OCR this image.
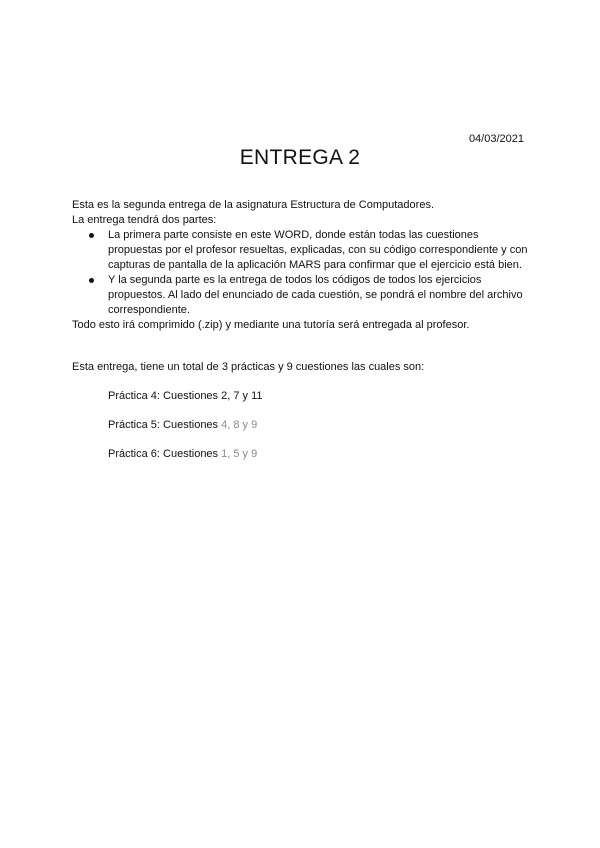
04/03/2021
ENTREGA 2

Esta es la segunda entrega de la asignatura Estructura de Computadores.

La entrega tendrá dos partes:

La primera parte consiste en este WORD, donde están todas las cuestiones propuestas por el profesor resueltas, explicadas, con su código correspondiente y con capturas de pantalla de la aplicación MARS para confirmar que el ejercicio está bien.
Y la segunda parte es la entrega de todos los códigos de todos los ejercicios propuestos. Al lado del enunciado de cada cuestión, se pondrá el nombre del archivo correspondiente.

Todo esto irá comprimido (.zip) y mediante una tutoría será entregada al profesor.

Esta entrega, tiene un total de 3 prácticas y 9 cuestiones las cuales son:
Práctica 4: Cuestiones 2, 7 y 11
Práctica 5: Cuestiones 4, 8 y 9
Práctica 6: Cuestiones 1, 5 y 9
